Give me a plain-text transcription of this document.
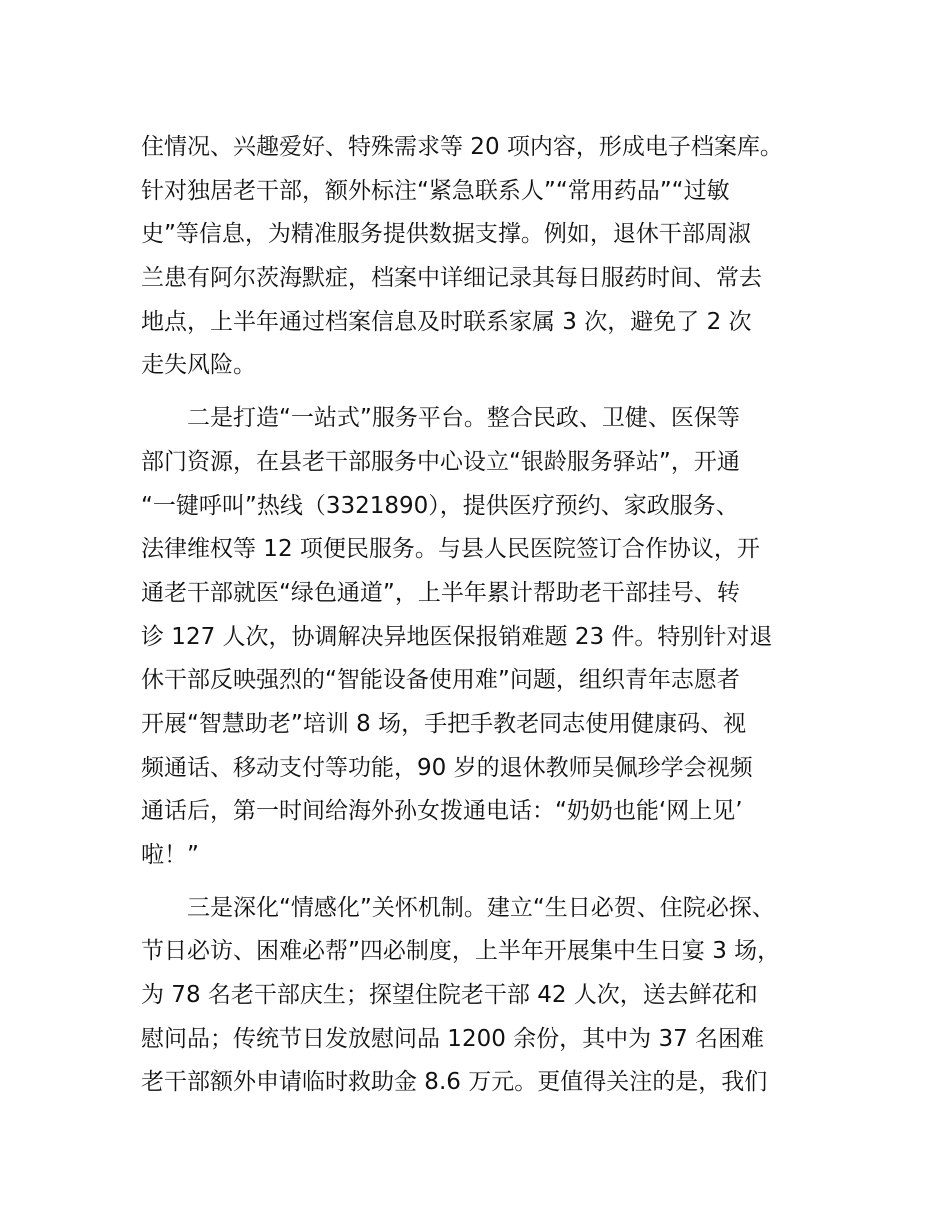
住情况、兴趣爱好、特殊需求等 20 项内容，形成电子档案库。
针对独居老干部，额外标注“紧急联系人”“常用药品”“过敏
史”等信息，为精准服务提供数据支撑。例如，退休干部周淑
兰患有阿尔茨海默症，档案中详细记录其每日服药时间、常去
地点，上半年通过档案信息及时联系家属 3 次，避免了 2 次
走失风险。
　　二是打造“一站式”服务平台。整合民政、卫健、医保等
部门资源，在县老干部服务中心设立“银龄服务驿站”，开通
“一键呼叫”热线（3321890），提供医疗预约、家政服务、
法律维权等 12 项便民服务。与县人民医院签订合作协议，开
通老干部就医“绿色通道”，上半年累计帮助老干部挂号、转
诊 127 人次，协调解决异地医保报销难题 23 件。特别针对退
休干部反映强烈的“智能设备使用难”问题，组织青年志愿者
开展“智慧助老”培训 8 场，手把手教老同志使用健康码、视
频通话、移动支付等功能，90 岁的退休教师吴佩珍学会视频
通话后，第一时间给海外孙女拨通电话：“奶奶也能‘网上见’
啦！”
　　三是深化“情感化”关怀机制。建立“生日必贺、住院必探、
节日必访、困难必帮”四必制度，上半年开展集中生日宴 3 场，
为 78 名老干部庆生；探望住院老干部 42 人次，送去鲜花和
慰问品；传统节日发放慰问品 1200 余份，其中为 37 名困难
老干部额外申请临时救助金 8.6 万元。更值得关注的是，我们
